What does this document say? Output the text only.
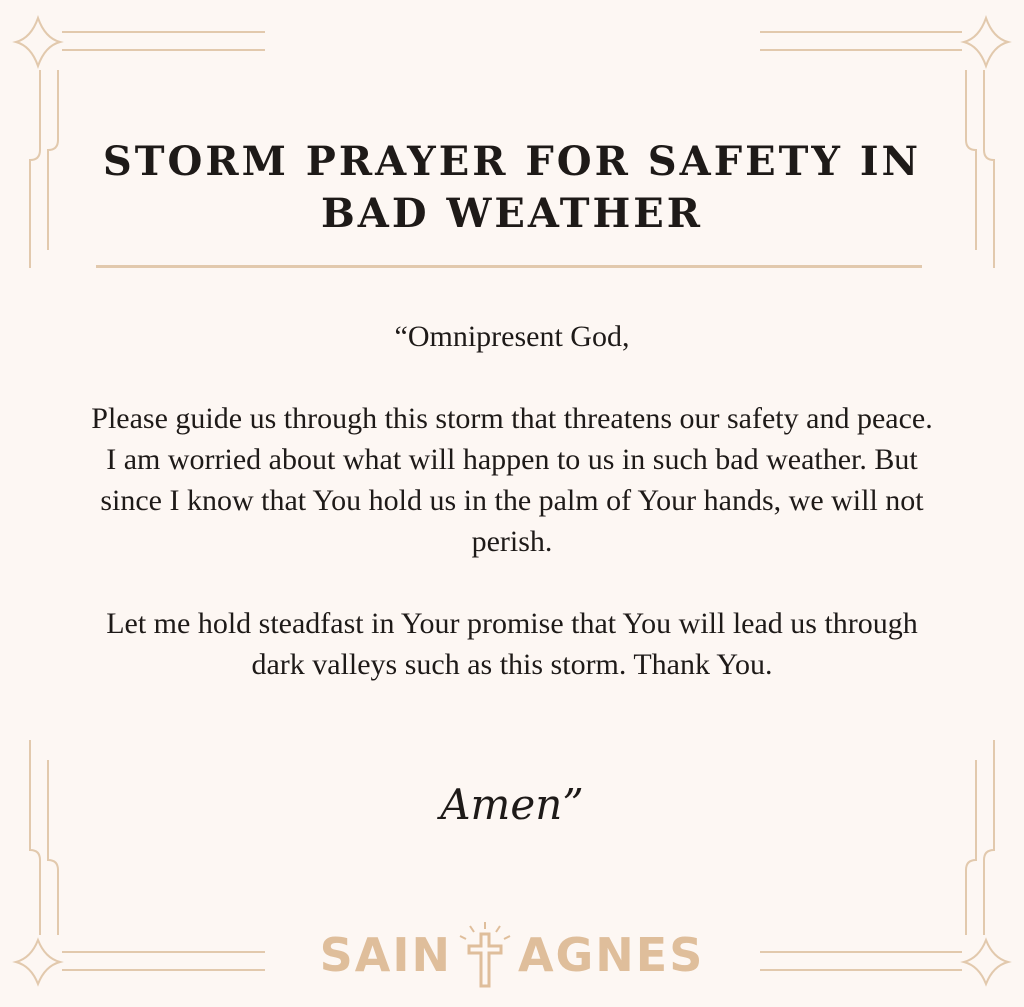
STORM PRAYER FOR SAFETY IN BAD WEATHER

“Omnipresent God,

Please guide us through this storm that threatens our safety and peace. I am worried about what will happen to us in such bad weather. But since I know that You hold us in the palm of Your hands, we will not perish.

Let me hold steadfast in Your promise that You will lead us through dark valleys such as this storm. Thank You.

Amen”
SAIN AGNES
